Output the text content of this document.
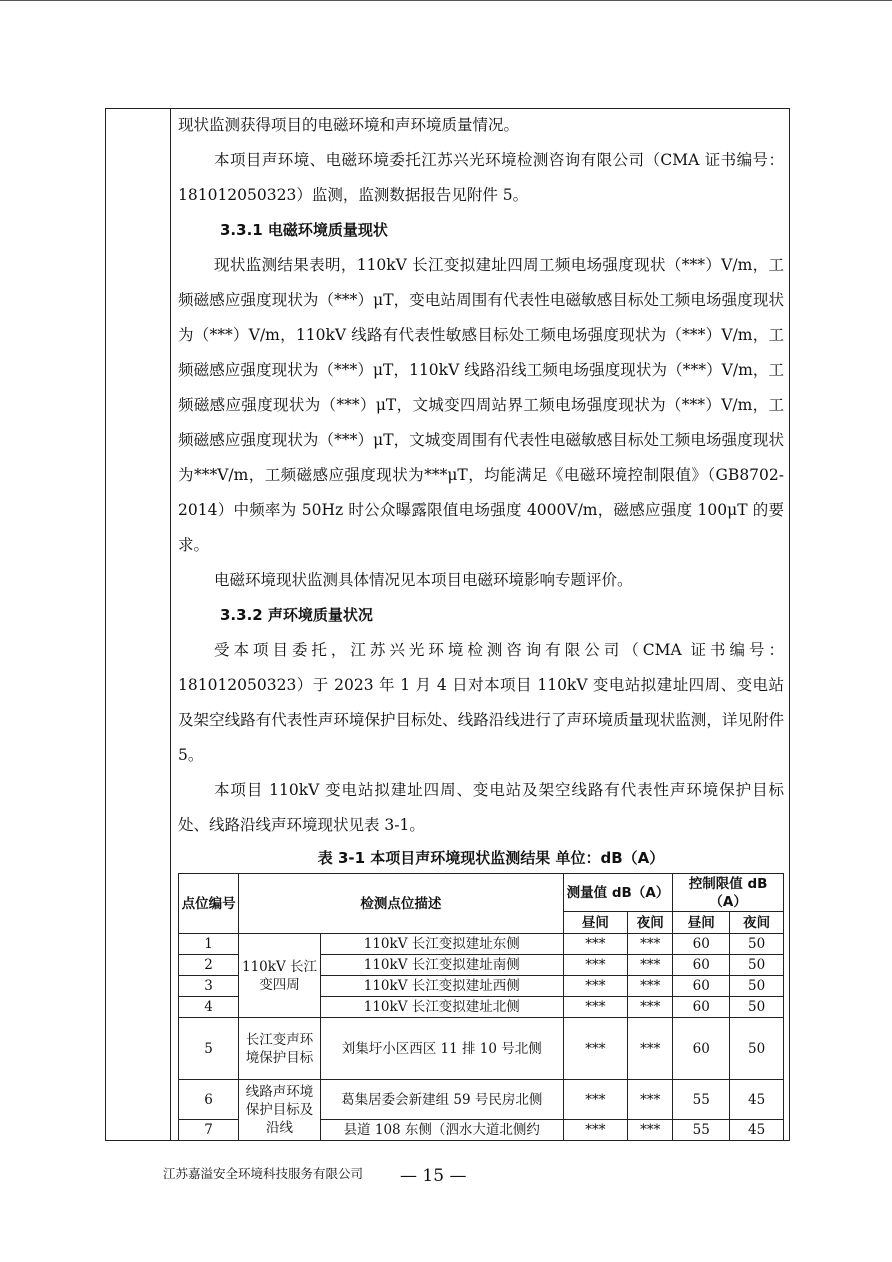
现状监测获得项目的电磁环境和声环境质量情况。

本项目声环境、电磁环境委托江苏兴光环境检测咨询有限公司（CMA 证书编号：181012050323）监测，监测数据报告见附件 5。

3.3.1 电磁环境质量现状

现状监测结果表明，110kV 长江变拟建址四周工频电场强度现状（***）V/m，工频磁感应强度现状为（***）μT，变电站周围有代表性电磁敏感目标处工频电场强度现状为（***）V/m，110kV 线路有代表性敏感目标处工频电场强度现状为（***）V/m，工频磁感应强度现状为（***）μT，110kV 线路沿线工频电场强度现状为（***）V/m，工频磁感应强度现状为（***）μT，文城变四周站界工频电场强度现状为（***）V/m，工频磁感应强度现状为（***）μT，文城变周围有代表性电磁敏感目标处工频电场强度现状为***V/m，工频磁感应强度现状为***μT，均能满足《电磁环境控制限值》（GB8702-2014）中频率为 50Hz 时公众曝露限值电场强度 4000V/m，磁感应强度 100μT 的要求。

电磁环境现状监测具体情况见本项目电磁环境影响专题评价。

3.3.2 声环境质量状况

受本项目委托，江苏兴光环境检测咨询有限公司（CMA 证书编号：181012050323）于 2023 年 1 月 4 日对本项目 110kV 变电站拟建址四周、变电站及架空线路有代表性声环境保护目标处、线路沿线进行了声环境质量现状监测，详见附件 5。

本项目 110kV 变电站拟建址四周、变电站及架空线路有代表性声环境保护目标处、线路沿线声环境现状见表 3-1。

表 3-1 本项目声环境现状监测结果 单位：dB（A）

点位编号	检测点位描述		测量值 dB（A）		控制限值 dB（A）	
			昼间	夜间	昼间	夜间
1	110kV 长江变四周	110kV 长江变拟建址东侧	***	***	60	50
2		110kV 长江变拟建址南侧	***	***	60	50
3		110kV 长江变拟建址西侧	***	***	60	50
4		110kV 长江变拟建址北侧	***	***	60	50
5	长江变声环境保护目标	刘集圩小区西区 11 排 10 号北侧	***	***	60	50
6	线路声环境保护目标及沿线	葛集居委会新建组 59 号民房北侧	***	***	55	45
7		县道 108 东侧（泗水大道北侧约	***	***	55	45
江苏嘉溢安全环境科技服务有限公司 — 15 —
